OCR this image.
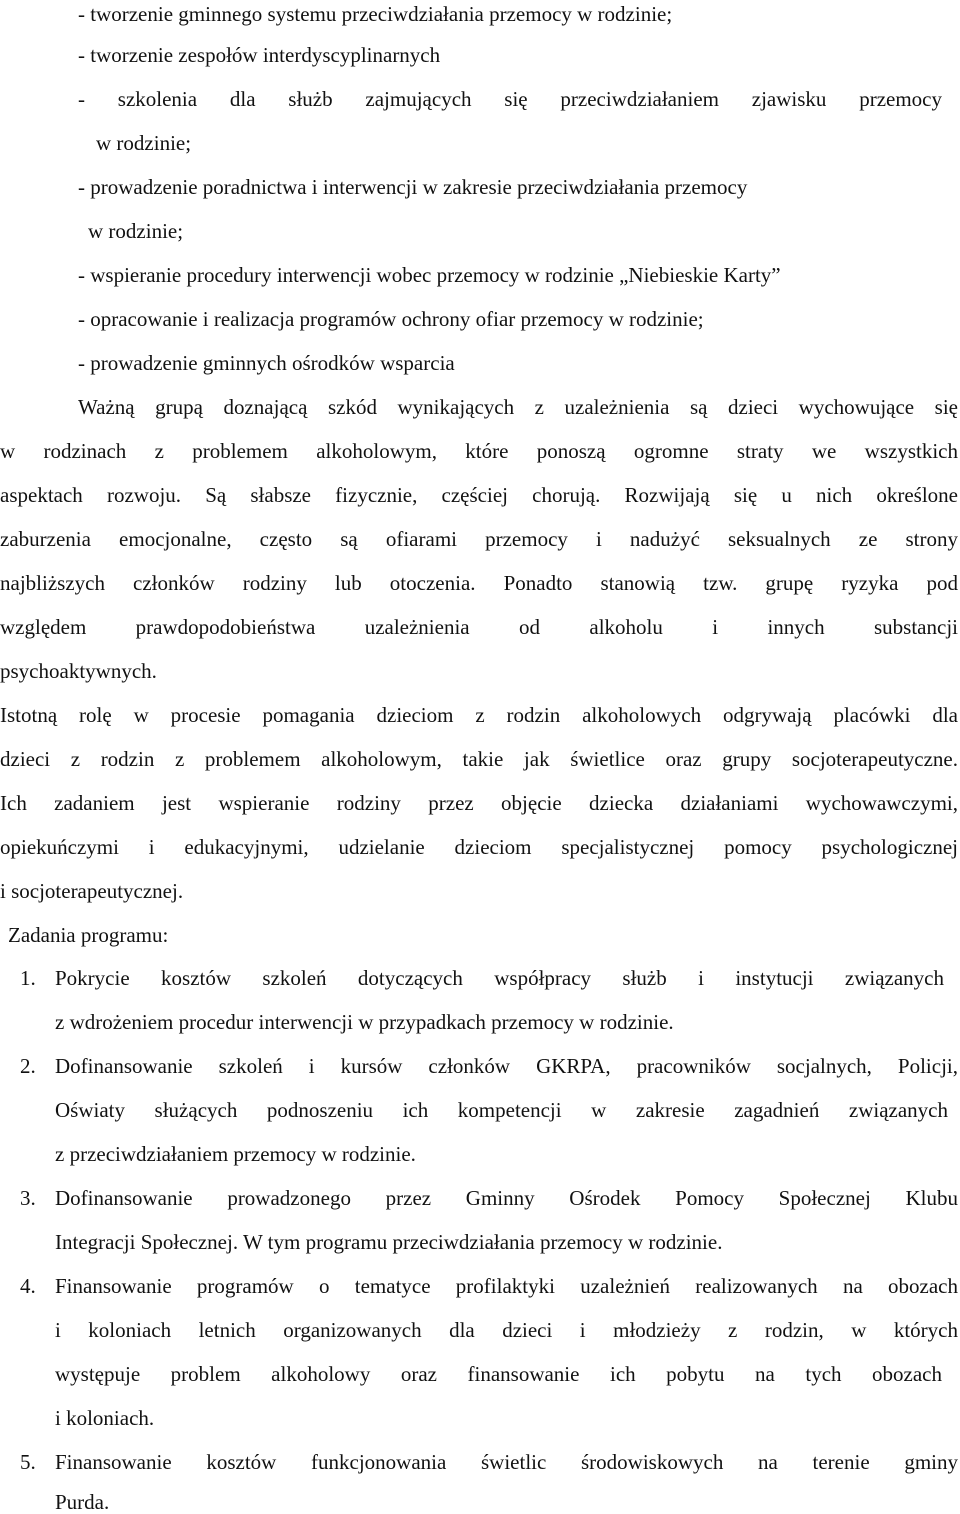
- tworzenie gminnego systemu przeciwdziałania przemocy w rodzinie;
- tworzenie zespołów interdyscyplinarnych
- szkolenia dla służb zajmujących się przeciwdziałaniem zjawisku przemocy
w rodzinie;
- prowadzenie poradnictwa i interwencji w zakresie przeciwdziałania przemocy
w rodzinie;
- wspieranie procedury interwencji wobec przemocy w rodzinie „Niebieskie Karty”
- opracowanie i realizacja programów ochrony ofiar przemocy w rodzinie;
- prowadzenie gminnych ośrodków wsparcia
Ważną grupą doznającą szkód wynikających z uzależnienia są dzieci wychowujące się
w rodzinach z problemem alkoholowym, które ponoszą ogromne straty we wszystkich
aspektach rozwoju. Są słabsze fizycznie, częściej chorują. Rozwijają się u nich określone
zaburzenia emocjonalne, często są ofiarami przemocy i nadużyć seksualnych ze strony
najbliższych członków rodziny lub otoczenia. Ponadto stanowią tzw. grupę ryzyka pod
względem prawdopodobieństwa uzależnienia od alkoholu i innych substancji
psychoaktywnych.
Istotną rolę w procesie pomagania dzieciom z rodzin alkoholowych odgrywają placówki dla
dzieci z rodzin z problemem alkoholowym, takie jak świetlice oraz grupy socjoterapeutyczne.
Ich zadaniem jest wspieranie rodziny przez objęcie dziecka działaniami wychowawczymi,
opiekuńczymi i edukacyjnymi, udzielanie dzieciom specjalistycznej pomocy psychologicznej
i socjoterapeutycznej.
Zadania programu:
1. Pokrycie kosztów szkoleń dotyczących współpracy służb i instytucji związanych
z wdrożeniem procedur interwencji w przypadkach przemocy w rodzinie.
2. Dofinansowanie szkoleń i kursów członków GKRPA, pracowników socjalnych, Policji,
Oświaty służących podnoszeniu ich kompetencji w zakresie zagadnień związanych
z przeciwdziałaniem przemocy w rodzinie.
3. Dofinansowanie prowadzonego przez Gminny Ośrodek Pomocy Społecznej Klubu
Integracji Społecznej. W tym programu przeciwdziałania przemocy w rodzinie.
4. Finansowanie programów o tematyce profilaktyki uzależnień realizowanych na obozach
i koloniach letnich organizowanych dla dzieci i młodzieży z rodzin, w których
występuje problem alkoholowy oraz finansowanie ich pobytu na tych obozach
i koloniach.
5. Finansowanie kosztów funkcjonowania świetlic środowiskowych na terenie gminy
Purda.
